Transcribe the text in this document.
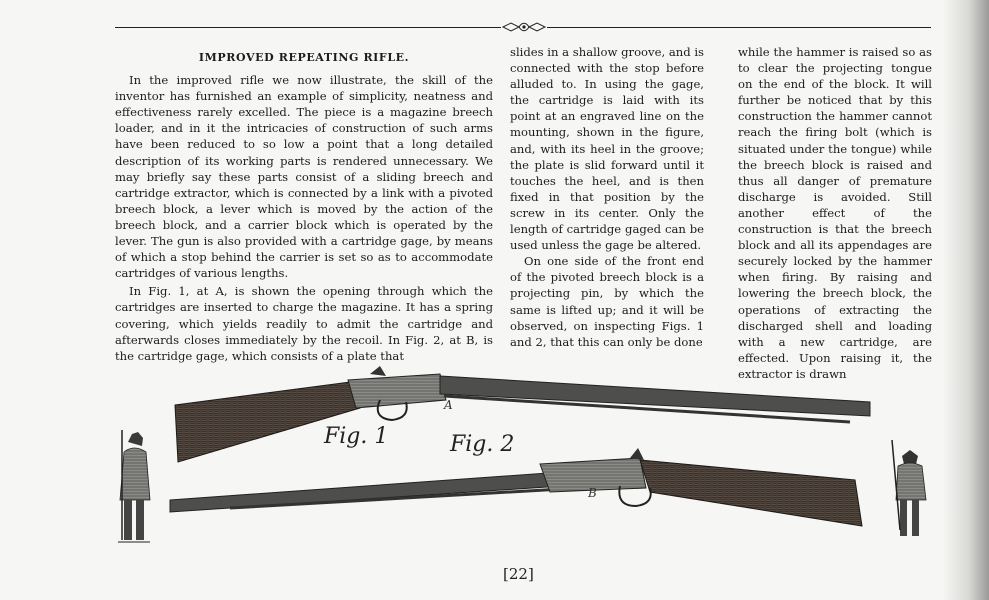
IMPROVED REPEATING RIFLE.

In the improved rifle we now illustrate, the skill of the inventor has furnished an example of simplicity, neatness and effectiveness rarely excelled. The piece is a magazine breech loader, and in it the intricacies of construction of such arms have been reduced to so low a point that a long detailed description of its working parts is rendered unnecessary. We may briefly say these parts consist of a sliding breech and cartridge extractor, which is connected by a link with a pivoted breech block, a lever which is moved by the action of the breech block, and a carrier block which is operated by the lever. The gun is also provided with a cartridge gage, by means of which a stop behind the carrier is set so as to accommodate cartridges of various lengths.

In Fig. 1, at A, is shown the opening through which the cartridges are inserted to charge the magazine. It has a spring covering, which yields readily to admit the cartridge and afterwards closes immediately by the recoil. In Fig. 2, at B, is the cartridge gage, which consists of a plate that

slides in a shallow groove, and is connected with the stop before alluded to. In using the gage, the cartridge is laid with its point at an engraved line on the mounting, shown in the figure, and, with its heel in the groove; the plate is slid forward until it touches the heel, and is then fixed in that position by the screw in its center. Only the length of cartridge gaged can be used unless the gage be altered.

On one side of the front end of the pivoted breech block is a projecting pin, by which the same is lifted up; and it will be observed, on inspecting Figs. 1 and 2, that this can only be done

while the hammer is raised so as to clear the projecting tongue on the end of the block. It will further be noticed that by this construction the hammer cannot reach the firing bolt (which is situated under the tongue) while the breech block is raised and thus all danger of premature discharge is avoided. Still another effect of the construction is that the breech block and all its appendages are securely locked by the hammer when firing. By raising and lowering the breech block, the operations of extracting the discharged shell and loading with a new cartridge, are effected. Upon raising it, the extractor is drawn

Fig. 1	Fig. 2
A
B
[22]
